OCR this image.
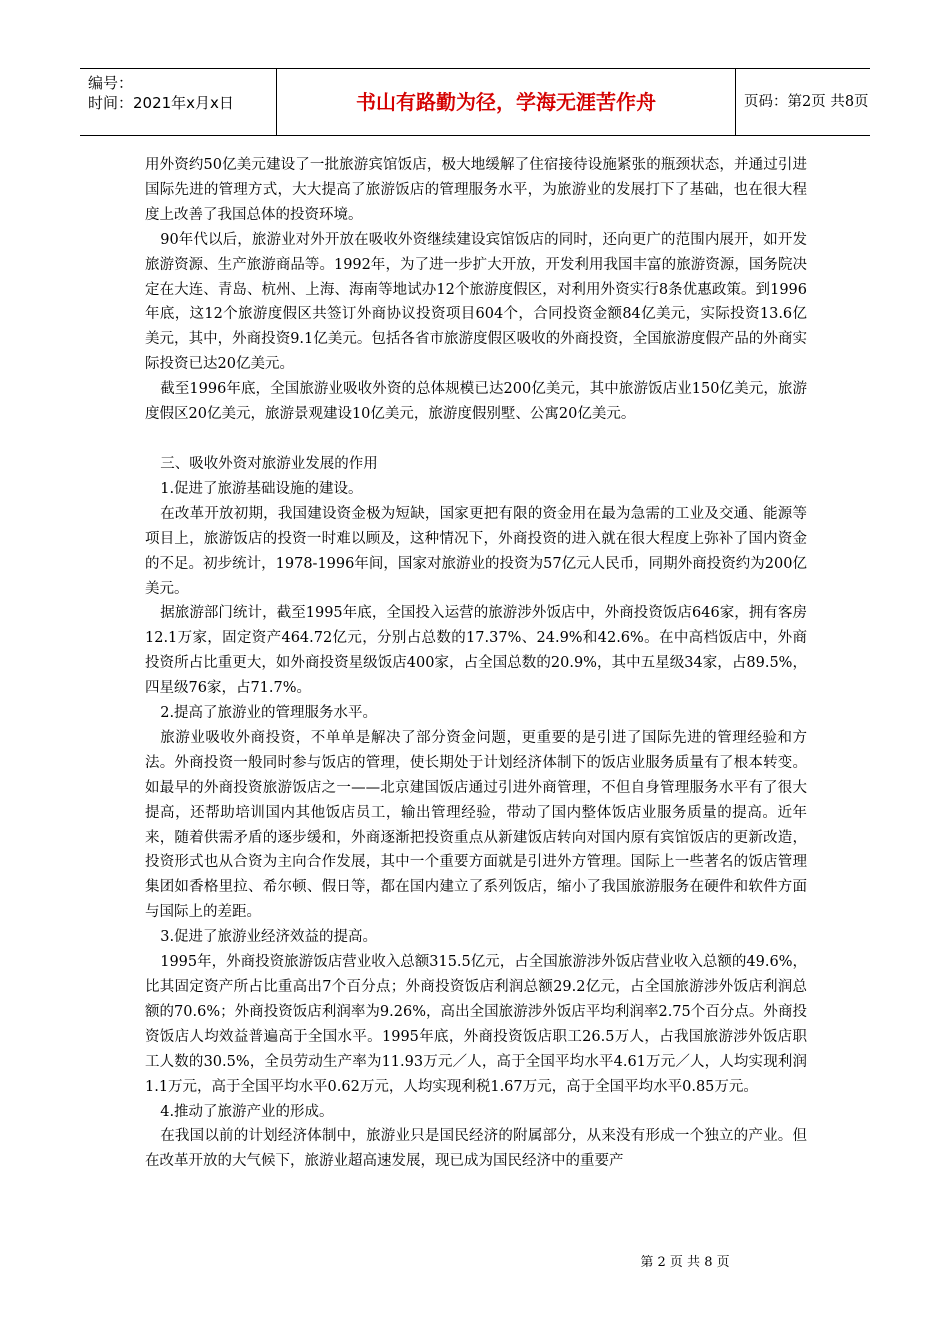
编号：
时间：2021年x月x日	书山有路勤为径，学海无涯苦作舟	页码：第2页 共8页

用外资约50亿美元建设了一批旅游宾馆饭店，极大地缓解了住宿接待设施紧张的瓶颈状态，并通过引进国际先进的管理方式，大大提高了旅游饭店的管理服务水平，为旅游业的发展打下了基础，也在很大程度上改善了我国总体的投资环境。

90年代以后，旅游业对外开放在吸收外资继续建设宾馆饭店的同时，还向更广的范围内展开，如开发旅游资源、生产旅游商品等。1992年，为了进一步扩大开放，开发利用我国丰富的旅游资源，国务院决定在大连、青岛、杭州、上海、海南等地试办12个旅游度假区，对利用外资实行8条优惠政策。到1996年底，这12个旅游度假区共签订外商协议投资项目604个，合同投资金额84亿美元，实际投资13.6亿美元，其中，外商投资9.1亿美元。包括各省市旅游度假区吸收的外商投资，全国旅游度假产品的外商实际投资已达20亿美元。

截至1996年底，全国旅游业吸收外资的总体规模已达200亿美元，其中旅游饭店业150亿美元，旅游度假区20亿美元，旅游景观建设10亿美元，旅游度假别墅、公寓20亿美元。

三、吸收外资对旅游业发展的作用

1.促进了旅游基础设施的建设。

在改革开放初期，我国建设资金极为短缺，国家更把有限的资金用在最为急需的工业及交通、能源等项目上，旅游饭店的投资一时难以顾及，这种情况下，外商投资的进入就在很大程度上弥补了国内资金的不足。初步统计，1978-1996年间，国家对旅游业的投资为57亿元人民币，同期外商投资约为200亿美元。

据旅游部门统计，截至1995年底，全国投入运营的旅游涉外饭店中，外商投资饭店646家，拥有客房12.1万家，固定资产464.72亿元，分别占总数的17.37%、24.9%和42.6%。在中高档饭店中，外商投资所占比重更大，如外商投资星级饭店400家，占全国总数的20.9%，其中五星级34家，占89.5%，四星级76家，占71.7%。

2.提高了旅游业的管理服务水平。

旅游业吸收外商投资，不单单是解决了部分资金问题，更重要的是引进了国际先进的管理经验和方法。外商投资一般同时参与饭店的管理，使长期处于计划经济体制下的饭店业服务质量有了根本转变。如最早的外商投资旅游饭店之一——北京建国饭店通过引进外商管理，不但自身管理服务水平有了很大提高，还帮助培训国内其他饭店员工，输出管理经验，带动了国内整体饭店业服务质量的提高。近年来，随着供需矛盾的逐步缓和，外商逐渐把投资重点从新建饭店转向对国内原有宾馆饭店的更新改造，投资形式也从合资为主向合作发展，其中一个重要方面就是引进外方管理。国际上一些著名的饭店管理集团如香格里拉、希尔顿、假日等，都在国内建立了系列饭店，缩小了我国旅游服务在硬件和软件方面与国际上的差距。

3.促进了旅游业经济效益的提高。

1995年，外商投资旅游饭店营业收入总额315.5亿元，占全国旅游涉外饭店营业收入总额的49.6%，比其固定资产所占比重高出7个百分点；外商投资饭店利润总额29.2亿元，占全国旅游涉外饭店利润总额的70.6%；外商投资饭店利润率为9.26%，高出全国旅游涉外饭店平均利润率2.75个百分点。外商投资饭店人均效益普遍高于全国水平。1995年底，外商投资饭店职工26.5万人，占我国旅游涉外饭店职工人数的30.5%，全员劳动生产率为11.93万元／人，高于全国平均水平4.61万元／人，人均实现利润1.1万元，高于全国平均水平0.62万元，人均实现利税1.67万元，高于全国平均水平0.85万元。

4.推动了旅游产业的形成。

在我国以前的计划经济体制中，旅游业只是国民经济的附属部分，从来没有形成一个独立的产业。但在改革开放的大气候下，旅游业超高速发展，现已成为国民经济中的重要产

第 2 页 共 8 页
